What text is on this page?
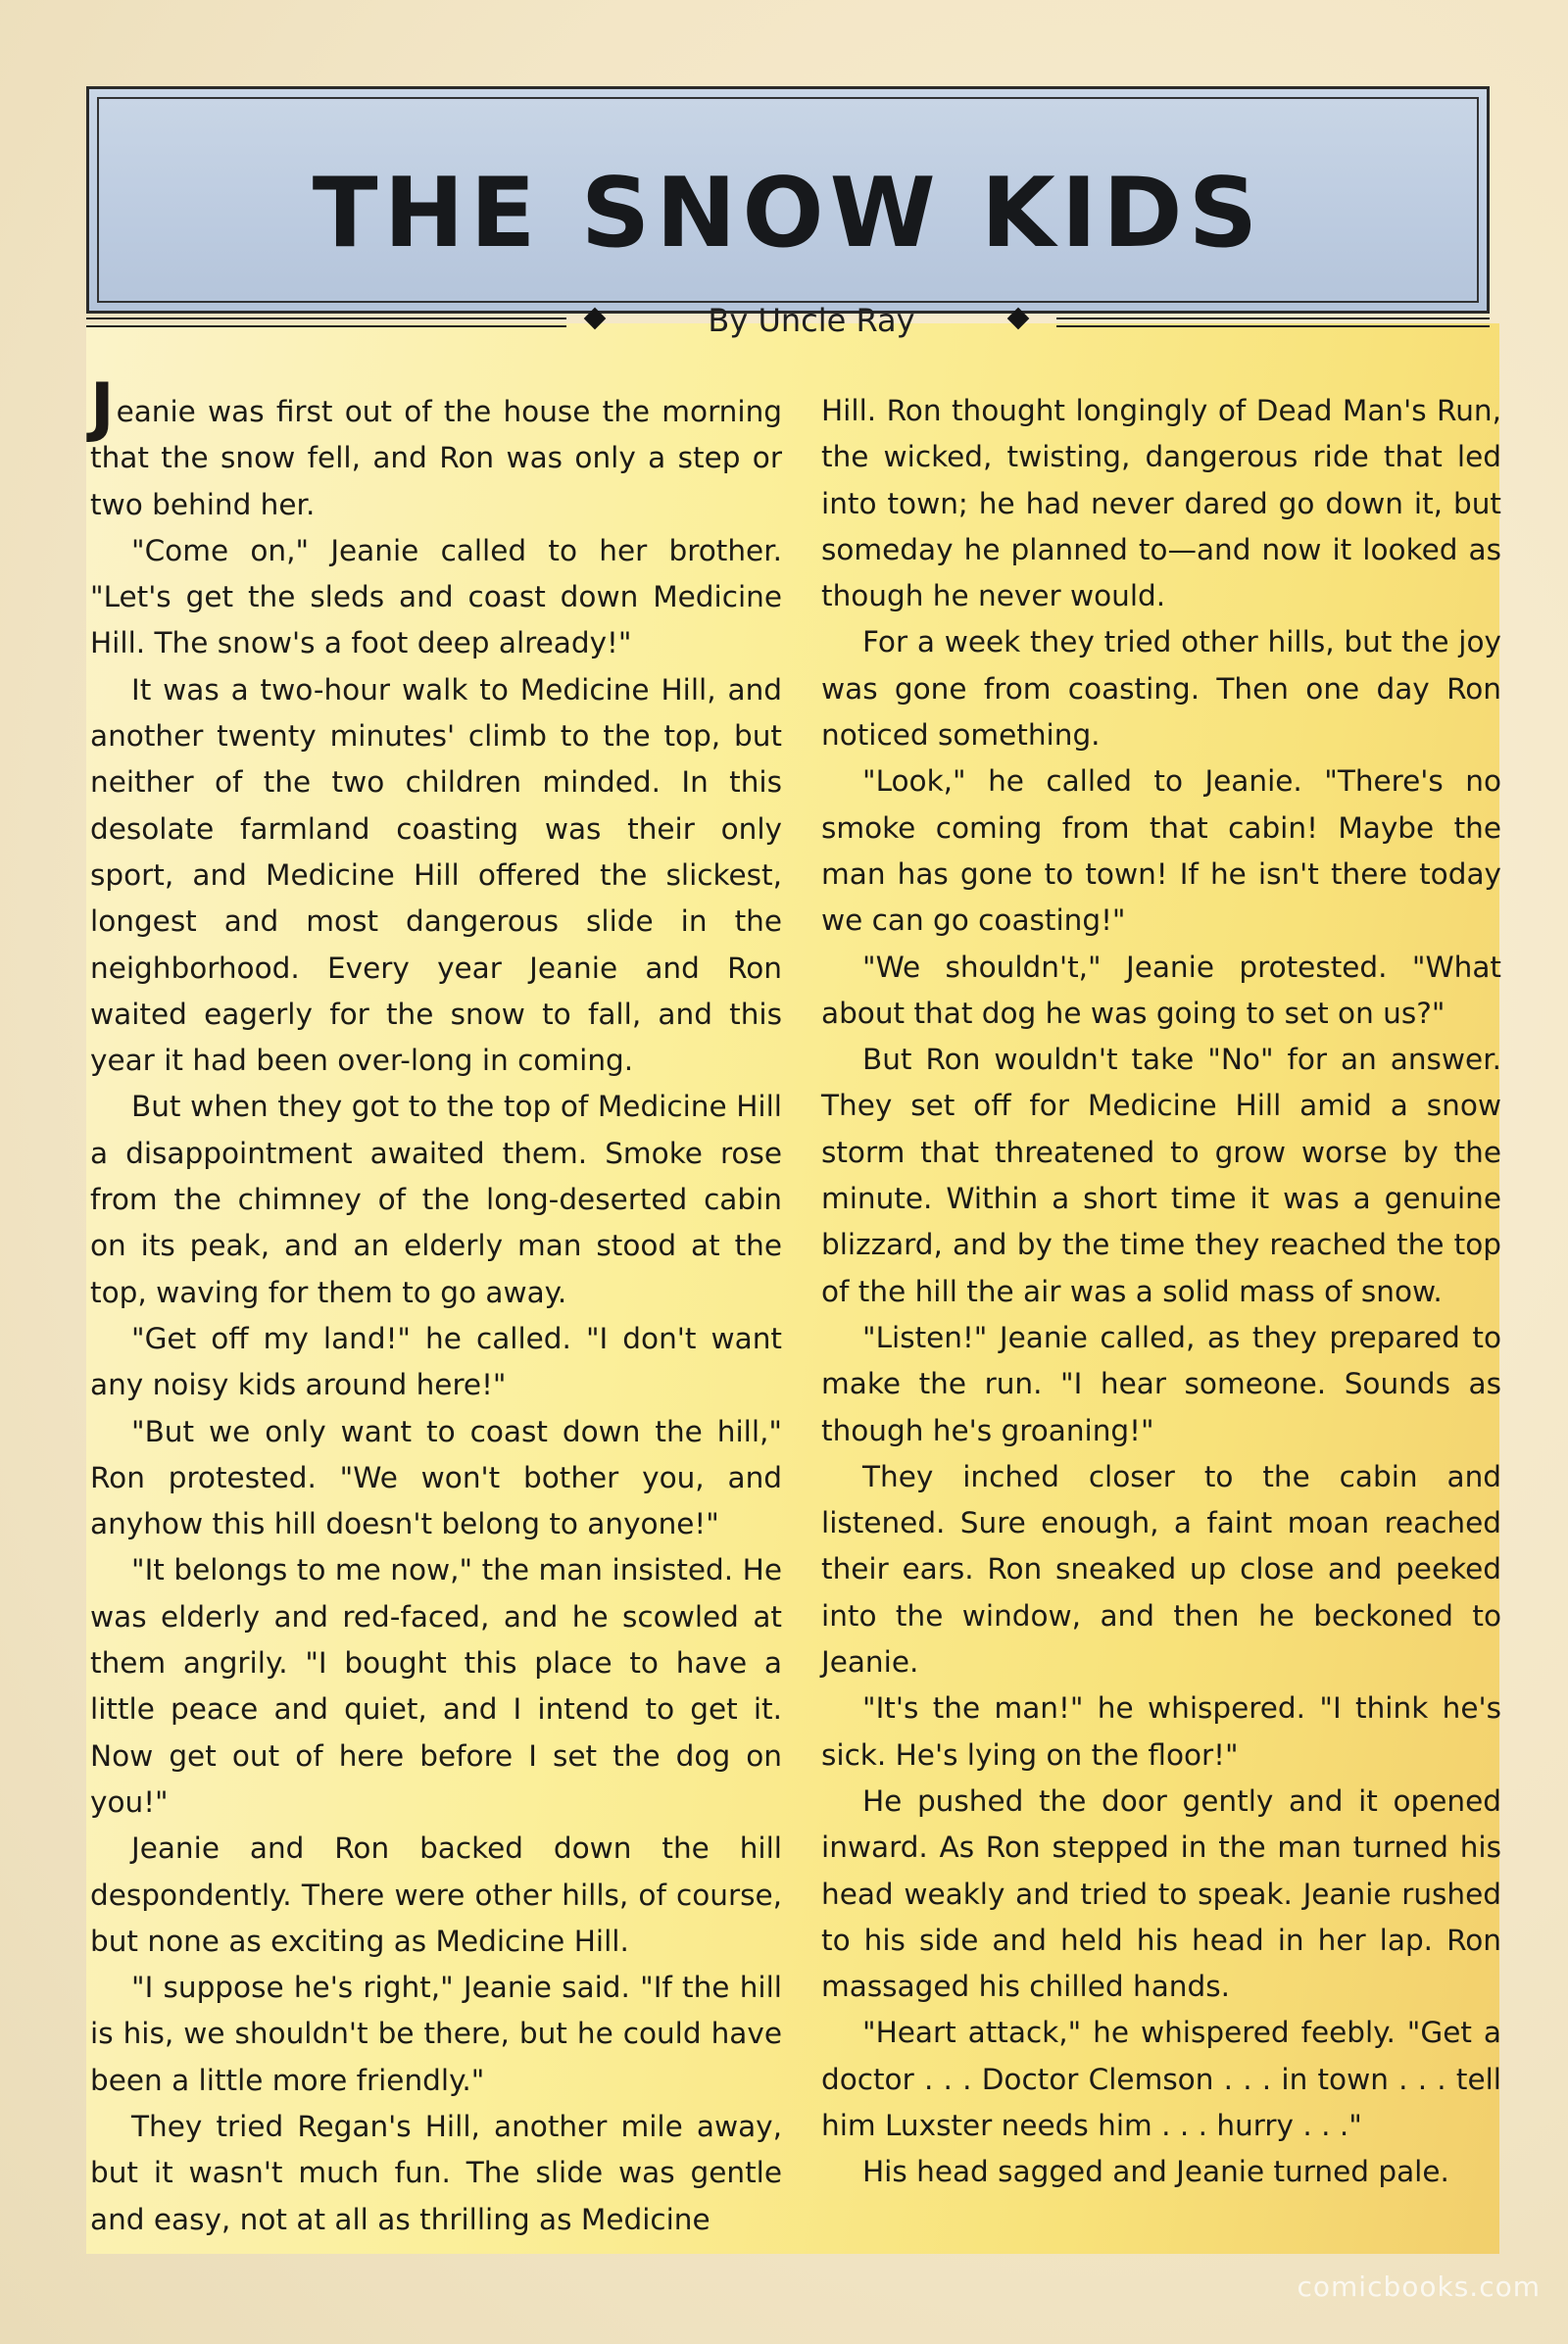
THE SNOW KIDS
By Uncle Ray

Jeanie was first out of the house the morning that the snow fell, and Ron was only a step or two behind her.

"Come on," Jeanie called to her brother. "Let's get the sleds and coast down Medicine Hill. The snow's a foot deep already!"

It was a two-hour walk to Medicine Hill, and another twenty minutes' climb to the top, but neither of the two children minded. In this desolate farmland coasting was their only sport, and Medicine Hill offered the slickest, longest and most dangerous slide in the neighborhood. Every year Jeanie and Ron waited eagerly for the snow to fall, and this year it had been over-long in coming.

But when they got to the top of Medicine Hill a disappointment awaited them. Smoke rose from the chimney of the long-deserted cabin on its peak, and an elderly man stood at the top, waving for them to go away.

"Get off my land!" he called. "I don't want any noisy kids around here!"

"But we only want to coast down the hill," Ron protested. "We won't bother you, and anyhow this hill doesn't belong to anyone!"

"It belongs to me now," the man insisted. He was elderly and red-faced, and he scowled at them angrily. "I bought this place to have a little peace and quiet, and I intend to get it. Now get out of here before I set the dog on you!"

Jeanie and Ron backed down the hill despondently. There were other hills, of course, but none as exciting as Medicine Hill.

"I suppose he's right," Jeanie said. "If the hill is his, we shouldn't be there, but he could have been a little more friendly."

They tried Regan's Hill, another mile away, but it wasn't much fun. The slide was gentle and easy, not at all as thrilling as Medicine

Hill. Ron thought longingly of Dead Man's Run, the wicked, twisting, dangerous ride that led into town; he had never dared go down it, but someday he planned to—and now it looked as though he never would.

For a week they tried other hills, but the joy was gone from coasting. Then one day Ron noticed something.

"Look," he called to Jeanie. "There's no smoke coming from that cabin! Maybe the man has gone to town! If he isn't there today we can go coasting!"

"We shouldn't," Jeanie protested. "What about that dog he was going to set on us?"

But Ron wouldn't take "No" for an answer. They set off for Medicine Hill amid a snow storm that threatened to grow worse by the minute. Within a short time it was a genuine blizzard, and by the time they reached the top of the hill the air was a solid mass of snow.

"Listen!" Jeanie called, as they prepared to make the run. "I hear someone. Sounds as though he's groaning!"

They inched closer to the cabin and listened. Sure enough, a faint moan reached their ears. Ron sneaked up close and peeked into the window, and then he beckoned to Jeanie.

"It's the man!" he whispered. "I think he's sick. He's lying on the floor!"

He pushed the door gently and it opened inward. As Ron stepped in the man turned his head weakly and tried to speak. Jeanie rushed to his side and held his head in her lap. Ron massaged his chilled hands.

"Heart attack," he whispered feebly. "Get a doctor . . . Doctor Clemson . . . in town . . . tell him Luxster needs him . . . hurry . . ."

His head sagged and Jeanie turned pale.

comicbooks.com
